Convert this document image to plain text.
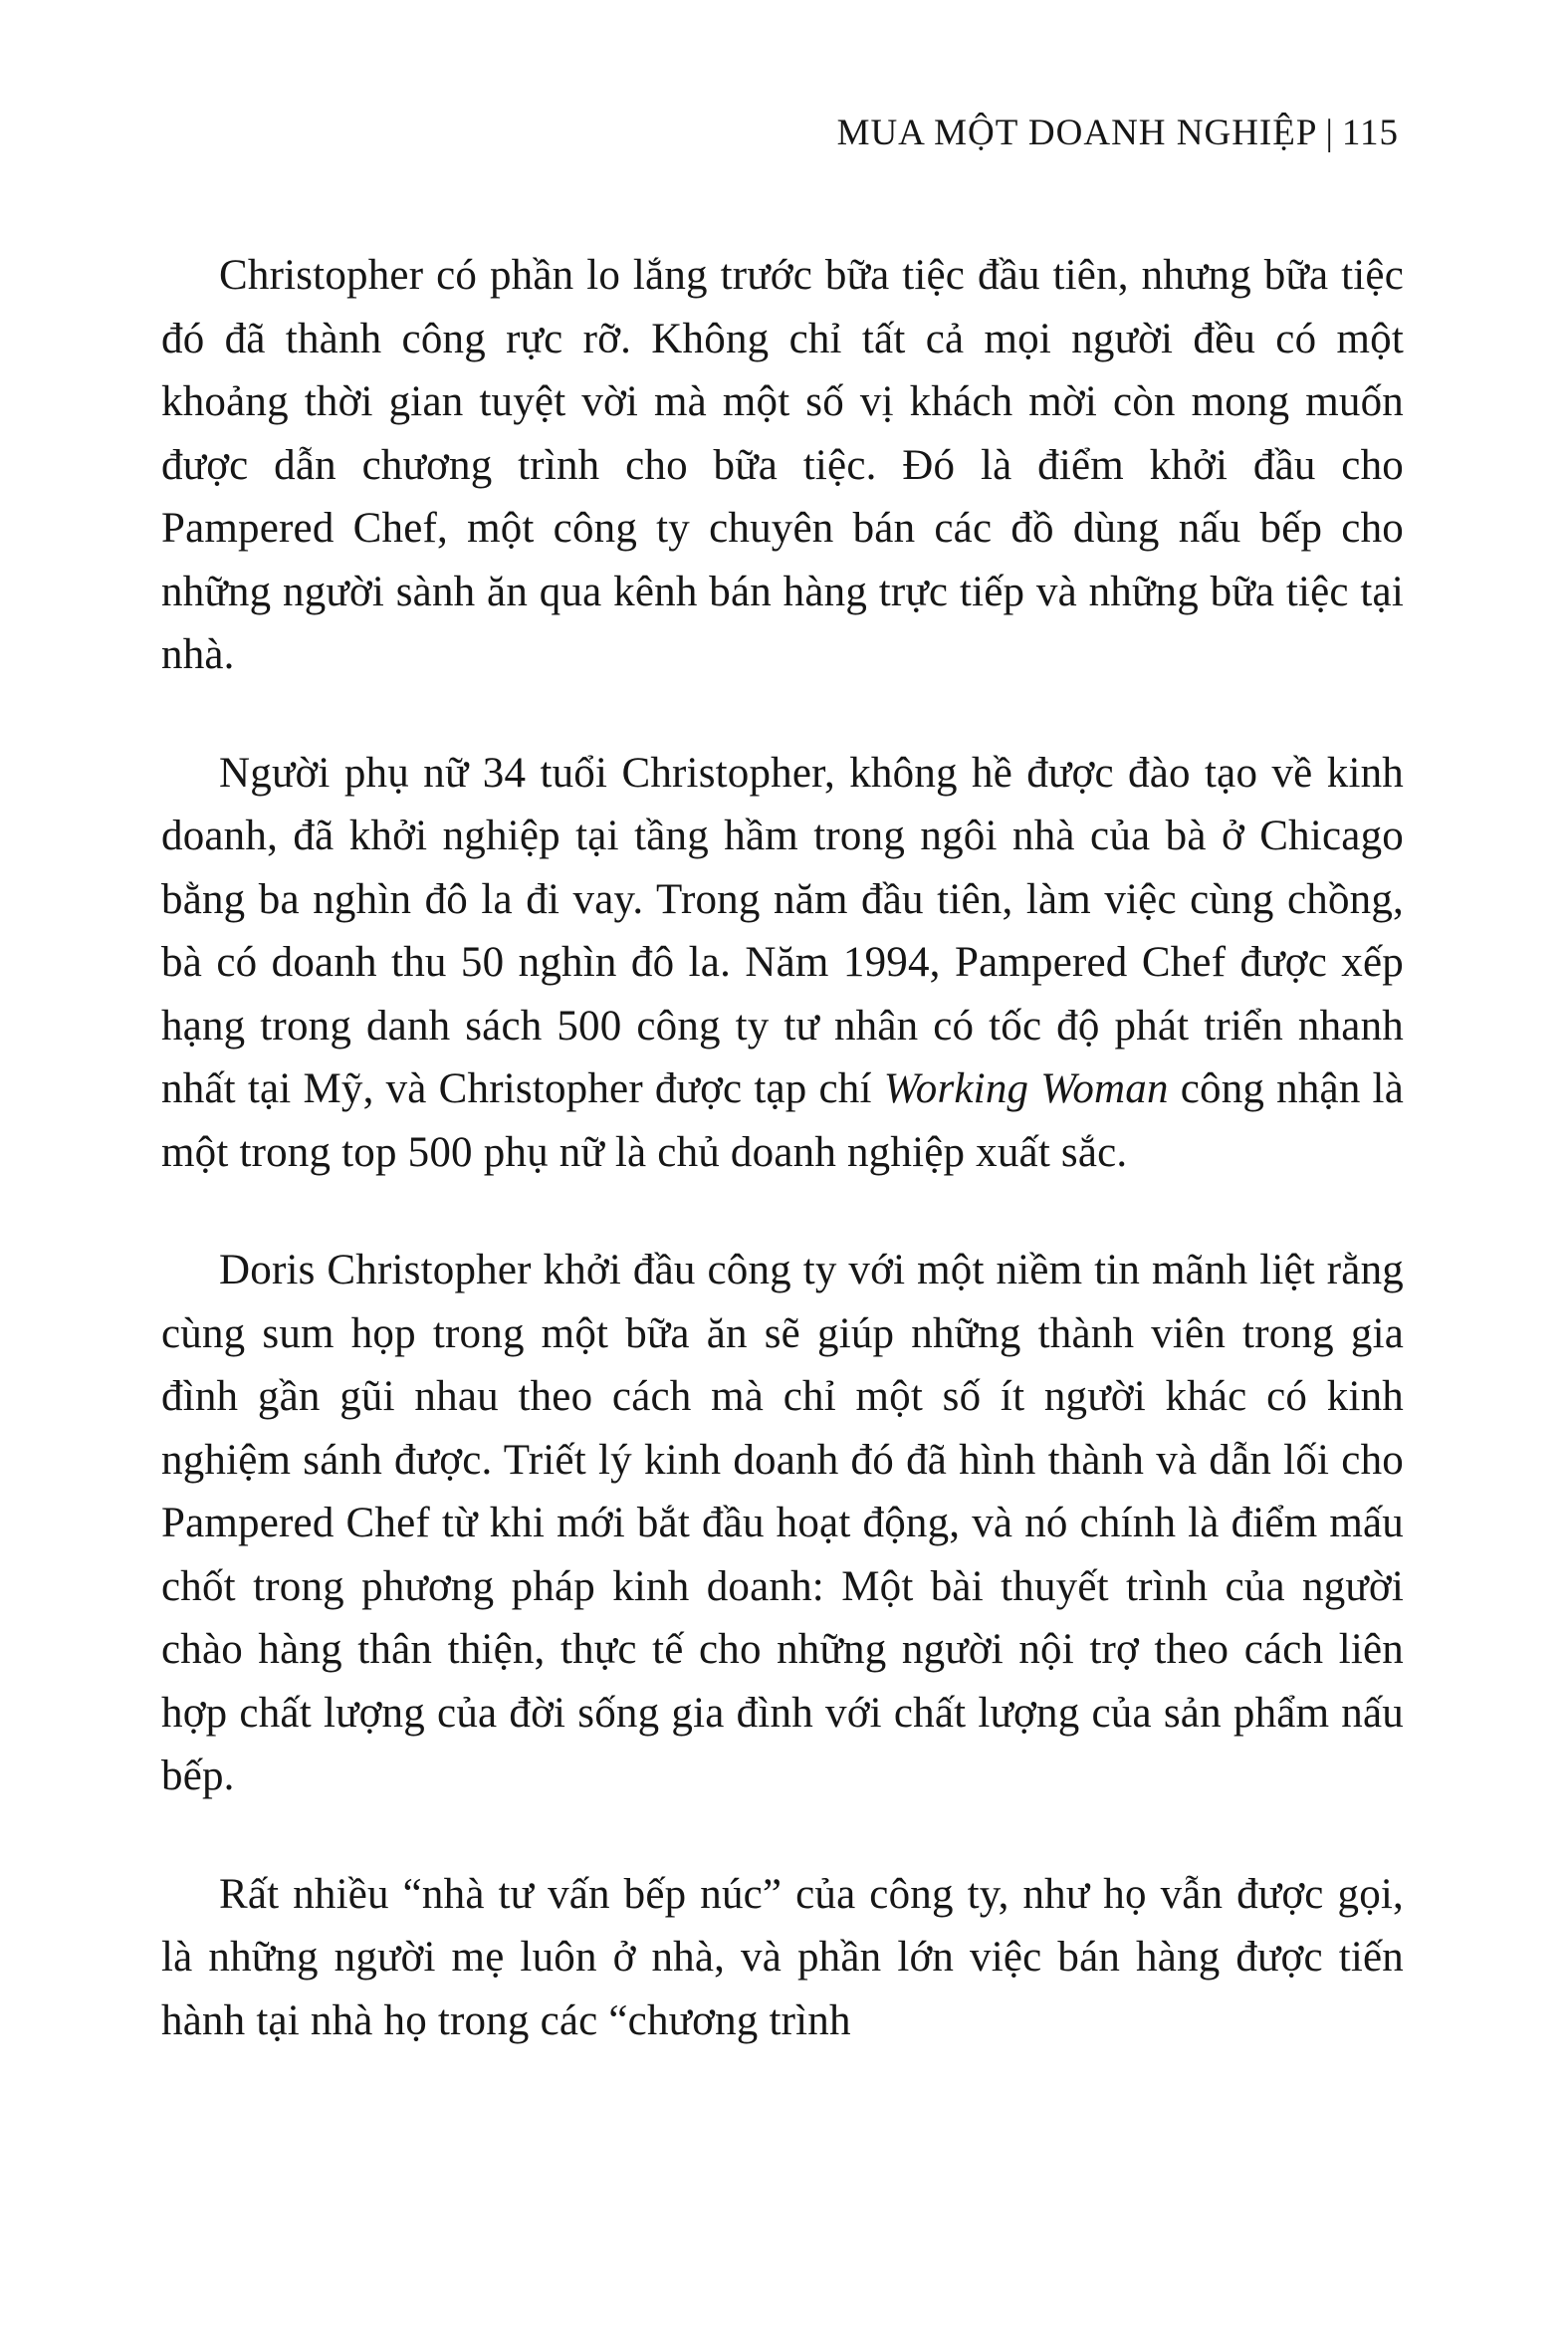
MUA MỘT DOANH NGHIỆP | 115

Christopher có phần lo lắng trước bữa tiệc đầu tiên, nhưng bữa tiệc đó đã thành công rực rỡ. Không chỉ tất cả mọi người đều có một khoảng thời gian tuyệt vời mà một số vị khách mời còn mong muốn được dẫn chương trình cho bữa tiệc. Đó là điểm khởi đầu cho Pampered Chef, một công ty chuyên bán các đồ dùng nấu bếp cho những người sành ăn qua kênh bán hàng trực tiếp và những bữa tiệc tại nhà.

Người phụ nữ 34 tuổi Christopher, không hề được đào tạo về kinh doanh, đã khởi nghiệp tại tầng hầm trong ngôi nhà của bà ở Chicago bằng ba nghìn đô la đi vay. Trong năm đầu tiên, làm việc cùng chồng, bà có doanh thu 50 nghìn đô la. Năm 1994, Pampered Chef được xếp hạng trong danh sách 500 công ty tư nhân có tốc độ phát triển nhanh nhất tại Mỹ, và Christopher được tạp chí Working Woman công nhận là một trong top 500 phụ nữ là chủ doanh nghiệp xuất sắc.

Doris Christopher khởi đầu công ty với một niềm tin mãnh liệt rằng cùng sum họp trong một bữa ăn sẽ giúp những thành viên trong gia đình gần gũi nhau theo cách mà chỉ một số ít người khác có kinh nghiệm sánh được. Triết lý kinh doanh đó đã hình thành và dẫn lối cho Pampered Chef từ khi mới bắt đầu hoạt động, và nó chính là điểm mấu chốt trong phương pháp kinh doanh: Một bài thuyết trình của người chào hàng thân thiện, thực tế cho những người nội trợ theo cách liên hợp chất lượng của đời sống gia đình với chất lượng của sản phẩm nấu bếp.

Rất nhiều “nhà tư vấn bếp núc” của công ty, như họ vẫn được gọi, là những người mẹ luôn ở nhà, và phần lớn việc bán hàng được tiến hành tại nhà họ trong các “chương trình
